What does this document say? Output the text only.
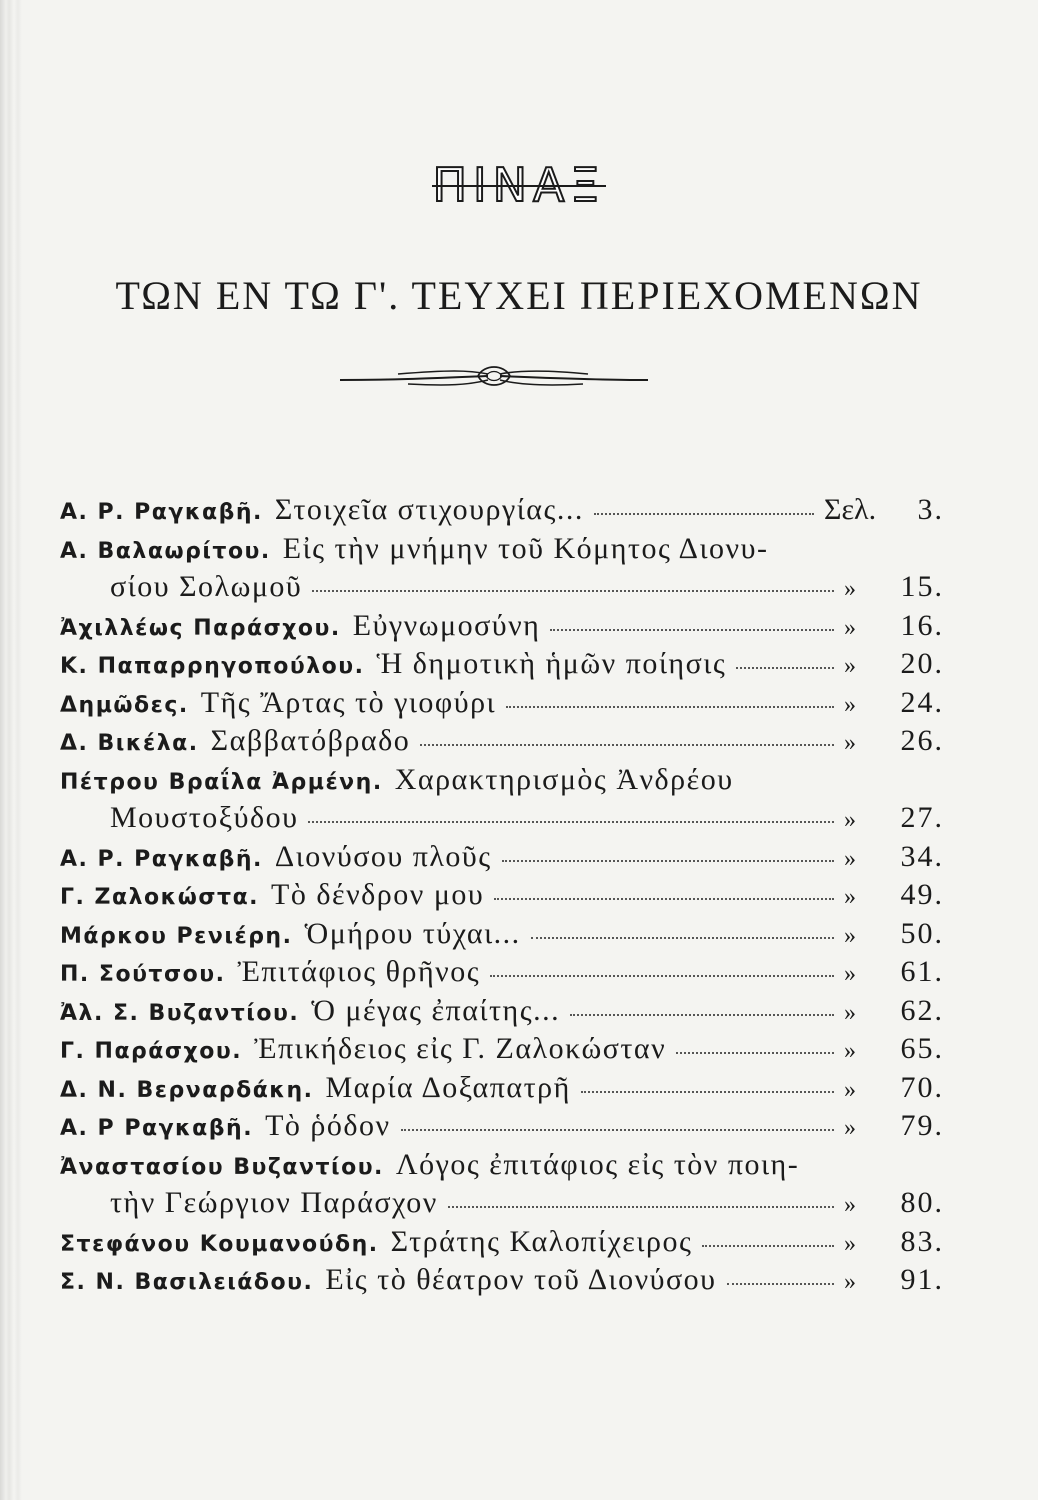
ΠΙΝΑΞ
ΤΩΝ ΕΝ ΤΩ Γ'. ΤΕΥΧΕΙ ΠΕΡΙΕΧΟΜΕΝΩΝ
Α. Ρ. Ραγκαβῆ. Στοιχεῖα στιχουργίας...	Σελ.	3.
Α. Βαλαωρίτου. Εἰς τὴν μνήμην τοῦ Κόμητος Διονυ-
σίου Σολωμοῦ	»	15.
Ἀχιλλέως Παράσχου. Εὐγνωμοσύνη	»	16.
Κ. Παπαρρηγοπούλου. Ἡ δημοτικὴ ἡμῶν ποίησις	»	20.
Δημῶδες. Τῆς Ἄρτας τὸ γιοφύρι	»	24.
Δ. Βικέλα. Σαββατόβραδο	»	26.
Πέτρου Βραΐλα Ἀρμένη. Χαρακτηρισμὸς Ἀνδρέου
Μουστοξύδου	»	27.
Α. Ρ. Ραγκαβῆ. Διονύσου πλοῦς	»	34.
Γ. Ζαλοκώστα. Τὸ δένδρον μου	»	49.
Μάρκου Ρενιέρη. Ὁμήρου τύχαι...	»	50.
Π. Σούτσου. Ἐπιτάφιος θρῆνος	»	61.
Ἀλ. Σ. Βυζαντίου. Ὁ μέγας ἐπαίτης...	»	62.
Γ. Παράσχου. Ἐπικήδειος εἰς Γ. Ζαλοκώσταν	»	65.
Δ. Ν. Βερναρδάκη. Μαρία Δοξαπατρῆ	»	70.
Α. Ρ Ραγκαβῆ. Τὸ ῥόδον	»	79.
Ἀναστασίου Βυζαντίου. Λόγος ἐπιτάφιος εἰς τὸν ποιη-
τὴν Γεώργιον Παράσχον	»	80.
Στεφάνου Κουμανούδη. Στράτης Καλοπίχειρος	»	83.
Σ. Ν. Βασιλειάδου. Εἰς τὸ θέατρον τοῦ Διονύσου	»	91.
